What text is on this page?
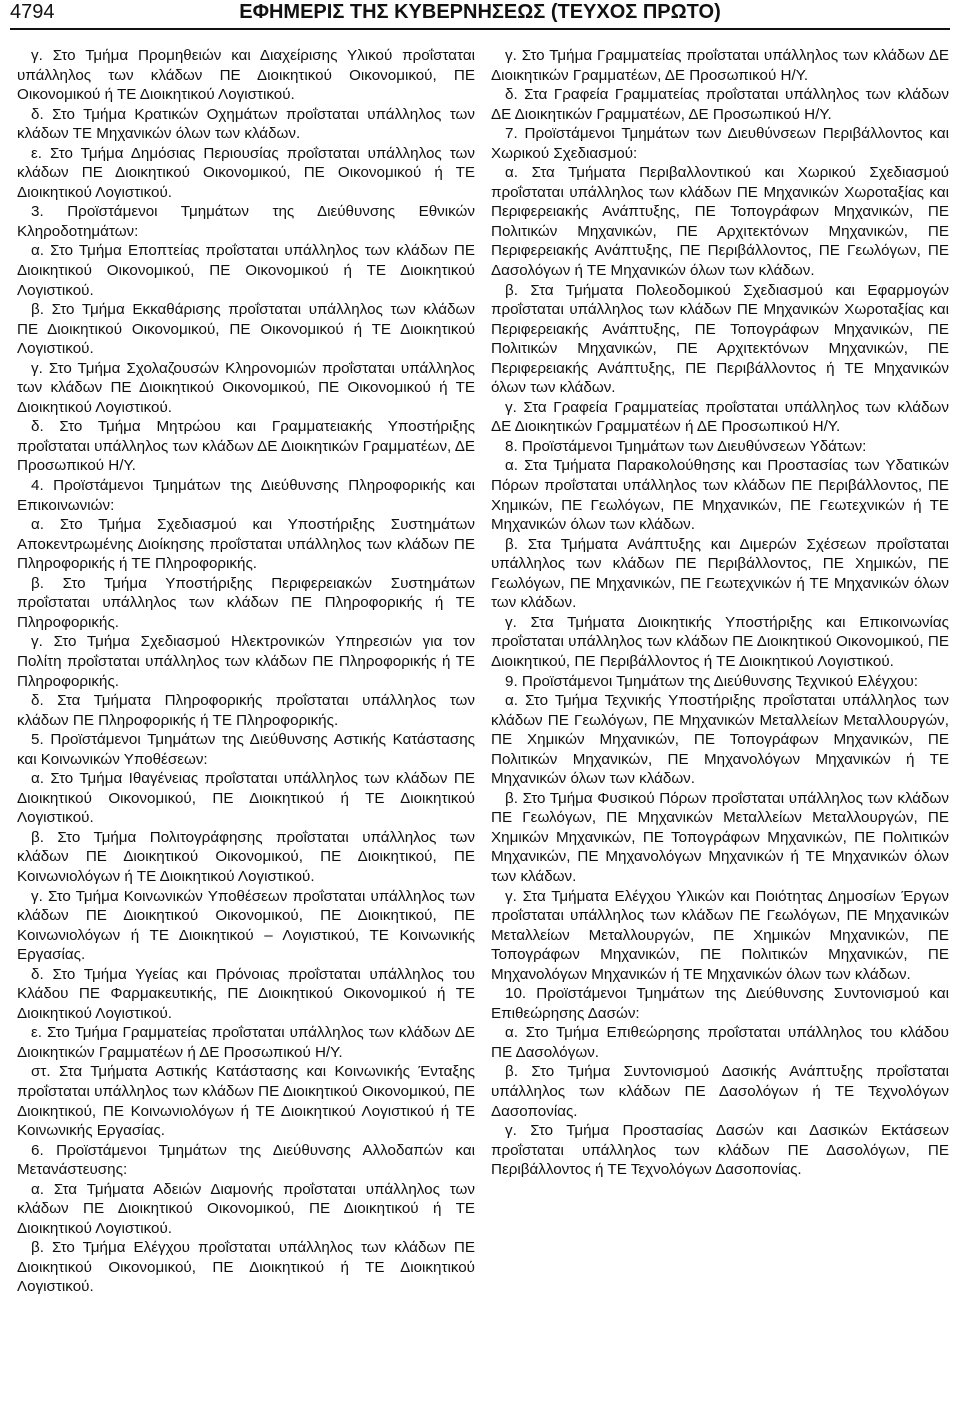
4794	ΕΦΗΜΕΡΙΣ ΤΗΣ ΚΥΒΕΡΝΗΣΕΩΣ (ΤΕΥΧΟΣ ΠΡΩΤΟ)

γ. Στο Τμήμα Προμηθειών και Διαχείρισης Υλικού προΐσταται υπάλληλος των κλάδων ΠΕ Διοικητικού Οικονομικού, ΠΕ Οικονομικού ή ΤΕ Διοικητικού Λογιστικού.

δ. Στο Τμήμα Κρατικών Οχημάτων προΐσταται υπάλληλος των κλάδων ΤΕ Μηχανικών όλων των κλάδων.

ε. Στο Τμήμα Δημόσιας Περιουσίας προΐσταται υπάλληλος των κλάδων ΠΕ Διοικητικού Οικονομικού, ΠΕ Οικονομικού ή ΤΕ Διοικητικού Λογιστικού.

3. Προϊστάμενοι Τμημάτων της Διεύθυνσης Εθνικών Κληροδοτημάτων:

α. Στο Τμήμα Εποπτείας προΐσταται υπάλληλος των κλάδων ΠΕ Διοικητικού Οικονομικού, ΠΕ Οικονομικού ή ΤΕ Διοικητικού Λογιστικού.

β. Στο Τμήμα Εκκαθάρισης προΐσταται υπάλληλος των κλάδων ΠΕ Διοικητικού Οικονομικού, ΠΕ Οικονομικού ή ΤΕ Διοικητικού Λογιστικού.

γ. Στο Τμήμα Σχολαζουσών Κληρονομιών προΐσταται υπάλληλος των κλάδων ΠΕ Διοικητικού Οικονομικού, ΠΕ Οικονομικού ή ΤΕ Διοικητικού Λογιστικού.

δ. Στο Τμήμα Μητρώου και Γραμματειακής Υποστήριξης προΐσταται υπάλληλος των κλάδων ΔΕ Διοικητικών Γραμματέων, ΔΕ Προσωπικού Η/Υ.

4. Προϊστάμενοι Τμημάτων της Διεύθυνσης Πληροφορικής και Επικοινωνιών:

α. Στο Τμήμα Σχεδιασμού και Υποστήριξης Συστημάτων Αποκεντρωμένης Διοίκησης προΐσταται υπάλληλος των κλάδων ΠΕ Πληροφορικής ή ΤΕ Πληροφορικής.

β. Στο Τμήμα Υποστήριξης Περιφερειακών Συστημάτων προΐσταται υπάλληλος των κλάδων ΠΕ Πληροφορικής ή ΤΕ Πληροφορικής.

γ. Στο Τμήμα Σχεδιασμού Ηλεκτρονικών Υπηρεσιών για τον Πολίτη προΐσταται υπάλληλος των κλάδων ΠΕ Πληροφορικής ή ΤΕ Πληροφορικής.

δ. Στα Τμήματα Πληροφορικής προΐσταται υπάλληλος των κλάδων ΠΕ Πληροφορικής ή ΤΕ Πληροφορικής.

5. Προϊστάμενοι Τμημάτων της Διεύθυνσης Αστικής Κατάστασης και Κοινωνικών Υποθέσεων:

α. Στο Τμήμα Ιθαγένειας προΐσταται υπάλληλος των κλάδων ΠΕ Διοικητικού Οικονομικού, ΠΕ Διοικητικού ή ΤΕ Διοικητικού Λογιστικού.

β. Στο Τμήμα Πολιτογράφησης προΐσταται υπάλληλος των κλάδων ΠΕ Διοικητικού Οικονομικού, ΠΕ Διοικητικού, ΠΕ Κοινωνιολόγων ή ΤΕ Διοικητικού Λογιστικού.

γ. Στο Τμήμα Κοινωνικών Υποθέσεων προΐσταται υπάλληλος των κλάδων ΠΕ Διοικητικού Οικονομικού, ΠΕ Διοικητικού, ΠΕ Κοινωνιολόγων ή ΤΕ Διοικητικού – Λογιστικού, ΤΕ Κοινωνικής Εργασίας.

δ. Στο Τμήμα Υγείας και Πρόνοιας προΐσταται υπάλληλος του Κλάδου ΠΕ Φαρμακευτικής, ΠΕ Διοικητικού Οικονομικού ή ΤΕ Διοικητικού Λογιστικού.

ε. Στο Τμήμα Γραμματείας προΐσταται υπάλληλος των κλάδων ΔΕ Διοικητικών Γραμματέων ή ΔΕ Προσωπικού Η/Υ.

στ. Στα Τμήματα Αστικής Κατάστασης και Κοινωνικής Ένταξης προΐσταται υπάλληλος των κλάδων ΠΕ Διοικητικού Οικονομικού, ΠΕ Διοικητικού, ΠΕ Κοινωνιολόγων ή ΤΕ Διοικητικού Λογιστικού ή ΤΕ Κοινωνικής Εργασίας.

6. Προϊστάμενοι Τμημάτων της Διεύθυνσης Αλλοδαπών και Μετανάστευσης:

α. Στα Τμήματα Αδειών Διαμονής προΐσταται υπάλληλος των κλάδων ΠΕ Διοικητικού Οικονομικού, ΠΕ Διοικητικού ή ΤΕ Διοικητικού Λογιστικού.

β. Στο Τμήμα Ελέγχου προΐσταται υπάλληλος των κλάδων ΠΕ Διοικητικού Οικονομικού, ΠΕ Διοικητικού ή ΤΕ Διοικητικού Λογιστικού.

γ. Στο Τμήμα Γραμματείας προΐσταται υπάλληλος των κλάδων ΔΕ Διοικητικών Γραμματέων, ΔΕ Προσωπικού Η/Υ.

δ. Στα Γραφεία Γραμματείας προΐσταται υπάλληλος των κλάδων ΔΕ Διοικητικών Γραμματέων, ΔΕ Προσωπικού Η/Υ.

7. Προϊστάμενοι Τμημάτων των Διευθύνσεων Περιβάλλοντος και Χωρικού Σχεδιασμού:

α. Στα Τμήματα Περιβαλλοντικού και Χωρικού Σχεδιασμού προΐσταται υπάλληλος των κλάδων ΠΕ Μηχανικών Χωροταξίας και Περιφερειακής Ανάπτυξης, ΠΕ Τοπογράφων Μηχανικών, ΠΕ Πολιτικών Μηχανικών, ΠΕ Αρχιτεκτόνων Μηχανικών, ΠΕ Περιφερειακής Ανάπτυξης, ΠΕ Περιβάλλοντος, ΠΕ Γεωλόγων, ΠΕ Δασολόγων ή ΤΕ Μηχανικών όλων των κλάδων.

β. Στα Τμήματα Πολεοδομικού Σχεδιασμού και Εφαρμογών προΐσταται υπάλληλος των κλάδων ΠΕ Μηχανικών Χωροταξίας και Περιφερειακής Ανάπτυξης, ΠΕ Τοπογράφων Μηχανικών, ΠΕ Πολιτικών Μηχανικών, ΠΕ Αρχιτεκτόνων Μηχανικών, ΠΕ Περιφερειακής Ανάπτυξης, ΠΕ Περιβάλλοντος ή ΤΕ Μηχανικών όλων των κλάδων.

γ. Στα Γραφεία Γραμματείας προΐσταται υπάλληλος των κλάδων ΔΕ Διοικητικών Γραμματέων ή ΔΕ Προσωπικού Η/Υ.

8. Προϊστάμενοι Τμημάτων των Διευθύνσεων Υδάτων:

α. Στα Τμήματα Παρακολούθησης και Προστασίας των Υδατικών Πόρων προΐσταται υπάλληλος των κλάδων ΠΕ Περιβάλλοντος, ΠΕ Χημικών, ΠΕ Γεωλόγων, ΠΕ Μηχανικών, ΠΕ Γεωτεχνικών ή ΤΕ Μηχανικών όλων των κλάδων.

β. Στα Τμήματα Ανάπτυξης και Διμερών Σχέσεων προΐσταται υπάλληλος των κλάδων ΠΕ Περιβάλλοντος, ΠΕ Χημικών, ΠΕ Γεωλόγων, ΠΕ Μηχανικών, ΠΕ Γεωτεχνικών ή ΤΕ Μηχανικών όλων των κλάδων.

γ. Στα Τμήματα Διοικητικής Υποστήριξης και Επικοινωνίας προΐσταται υπάλληλος των κλάδων ΠΕ Διοικητικού Οικονομικού, ΠΕ Διοικητικού, ΠΕ Περιβάλλοντος ή ΤΕ Διοικητικού Λογιστικού.

9. Προϊστάμενοι Τμημάτων της Διεύθυνσης Τεχνικού Ελέγχου:

α. Στο Τμήμα Τεχνικής Υποστήριξης προΐσταται υπάλληλος των κλάδων ΠΕ Γεωλόγων, ΠΕ Μηχανικών Μεταλλείων Μεταλλουργών, ΠΕ Χημικών Μηχανικών, ΠΕ Τοπογράφων Μηχανικών, ΠΕ Πολιτικών Μηχανικών, ΠΕ Μηχανολόγων Μηχανικών ή ΤΕ Μηχανικών όλων των κλάδων.

β. Στο Τμήμα Φυσικού Πόρων προΐσταται υπάλληλος των κλάδων ΠΕ Γεωλόγων, ΠΕ Μηχανικών Μεταλλείων Μεταλλουργών, ΠΕ Χημικών Μηχανικών, ΠΕ Τοπογράφων Μηχανικών, ΠΕ Πολιτικών Μηχανικών, ΠΕ Μηχανολόγων Μηχανικών ή ΤΕ Μηχανικών όλων των κλάδων.

γ. Στα Τμήματα Ελέγχου Υλικών και Ποιότητας Δημοσίων Έργων προΐσταται υπάλληλος των κλάδων ΠΕ Γεωλόγων, ΠΕ Μηχανικών Μεταλλείων Μεταλλουργών, ΠΕ Χημικών Μηχανικών, ΠΕ Τοπογράφων Μηχανικών, ΠΕ Πολιτικών Μηχανικών, ΠΕ Μηχανολόγων Μηχανικών ή ΤΕ Μηχανικών όλων των κλάδων.

10. Προϊστάμενοι Τμημάτων της Διεύθυνσης Συντονισμού και Επιθεώρησης Δασών:

α. Στο Τμήμα Επιθεώρησης προΐσταται υπάλληλος του κλάδου ΠΕ Δασολόγων.

β. Στο Τμήμα Συντονισμού Δασικής Ανάπτυξης προΐσταται υπάλληλος των κλάδων ΠΕ Δασολόγων ή ΤΕ Τεχνολόγων Δασοπονίας.

γ. Στο Τμήμα Προστασίας Δασών και Δασικών Εκτάσεων προΐσταται υπάλληλος των κλάδων ΠΕ Δασολόγων, ΠΕ Περιβάλλοντος ή ΤΕ Τεχνολόγων Δασοπονίας.
